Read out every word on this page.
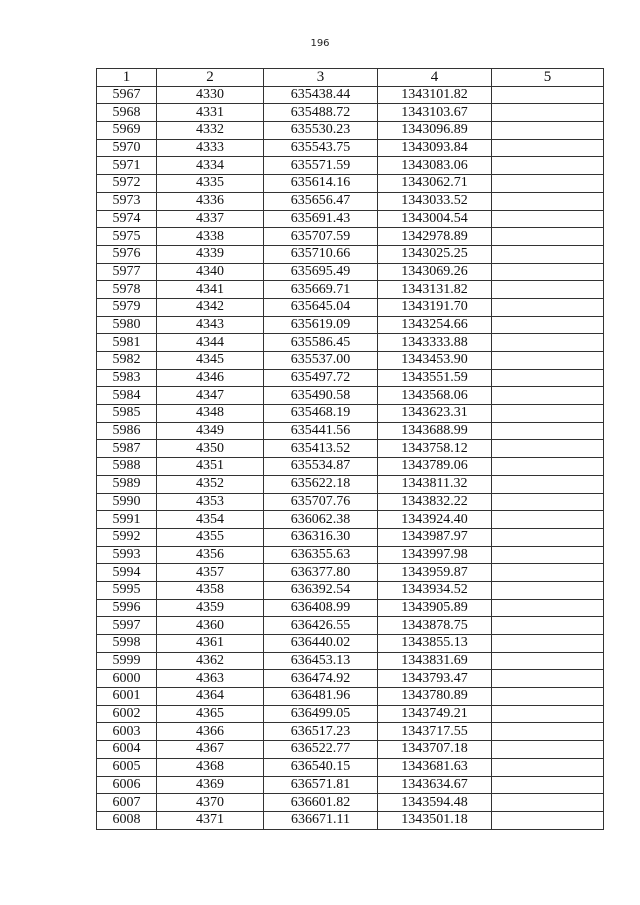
196
1	2	3	4	5
5967	4330	635438.44	1343101.82	
5968	4331	635488.72	1343103.67	
5969	4332	635530.23	1343096.89	
5970	4333	635543.75	1343093.84	
5971	4334	635571.59	1343083.06	
5972	4335	635614.16	1343062.71	
5973	4336	635656.47	1343033.52	
5974	4337	635691.43	1343004.54	
5975	4338	635707.59	1342978.89	
5976	4339	635710.66	1343025.25	
5977	4340	635695.49	1343069.26	
5978	4341	635669.71	1343131.82	
5979	4342	635645.04	1343191.70	
5980	4343	635619.09	1343254.66	
5981	4344	635586.45	1343333.88	
5982	4345	635537.00	1343453.90	
5983	4346	635497.72	1343551.59	
5984	4347	635490.58	1343568.06	
5985	4348	635468.19	1343623.31	
5986	4349	635441.56	1343688.99	
5987	4350	635413.52	1343758.12	
5988	4351	635534.87	1343789.06	
5989	4352	635622.18	1343811.32	
5990	4353	635707.76	1343832.22	
5991	4354	636062.38	1343924.40	
5992	4355	636316.30	1343987.97	
5993	4356	636355.63	1343997.98	
5994	4357	636377.80	1343959.87	
5995	4358	636392.54	1343934.52	
5996	4359	636408.99	1343905.89	
5997	4360	636426.55	1343878.75	
5998	4361	636440.02	1343855.13	
5999	4362	636453.13	1343831.69	
6000	4363	636474.92	1343793.47	
6001	4364	636481.96	1343780.89	
6002	4365	636499.05	1343749.21	
6003	4366	636517.23	1343717.55	
6004	4367	636522.77	1343707.18	
6005	4368	636540.15	1343681.63	
6006	4369	636571.81	1343634.67	
6007	4370	636601.82	1343594.48	
6008	4371	636671.11	1343501.18	
